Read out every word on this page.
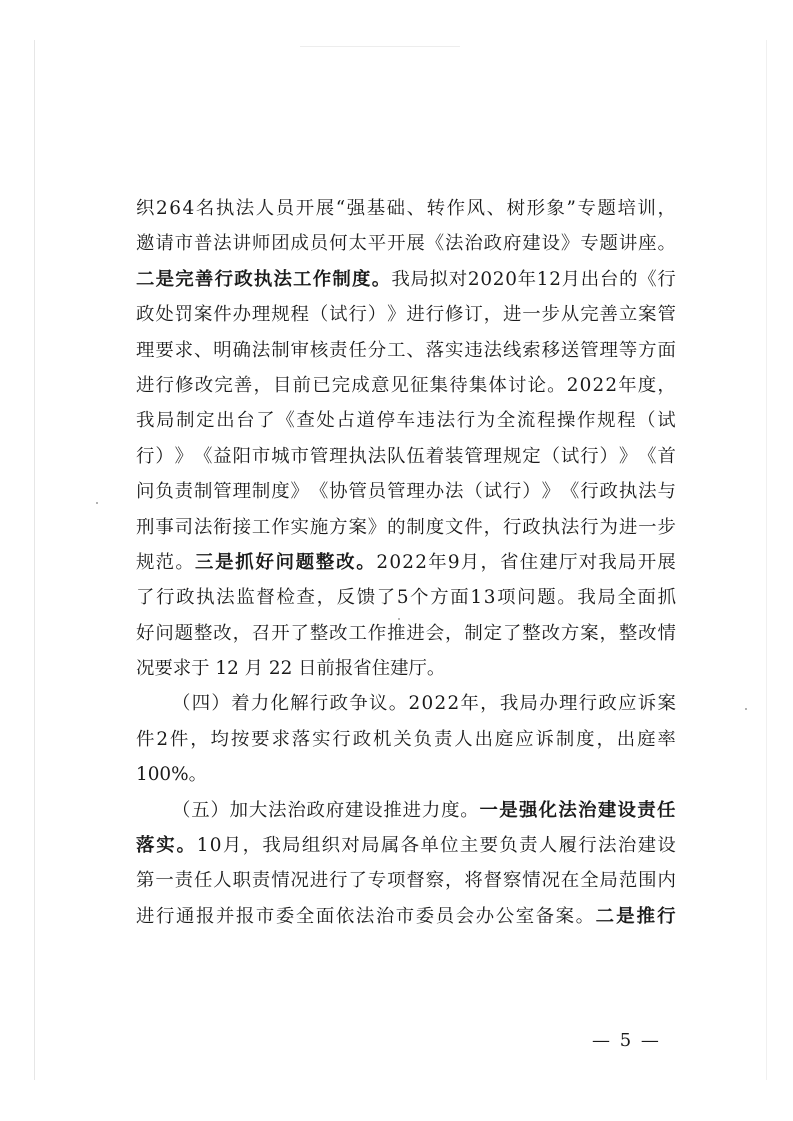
织 2 6 4 名 执 法 人 员 开 展 “ 强 基 础 、 转 作 风 、 树 形 象 ” 专 题 培 训 ，
邀 请 市 普 法 讲 师 团 成 员 何 太 平 开 展 《 法 治 政 府 建 设 》 专 题 讲 座 。
二 是 完 善 行 政 执 法 工 作 制 度 。 我 局 拟 对 2 0 2 0 年 1 2 月 出 台 的 《 行
政 处 罚 案 件 办 理 规 程 （ 试 行 ） 》 进 行 修 订 ， 进 一 步 从 完 善 立 案 管
理 要 求 、 明 确 法 制 审 核 责 任 分 工 、 落 实 违 法 线 索 移 送 管 理 等 方 面
进 行 修 改 完 善 ， 目 前 已 完 成 意 见 征 集 待 集 体 讨 论 。 2 0 2 2 年 度 ，
我 局 制 定 出 台 了 《 查 处 占 道 停 车 违 法 行 为 全 流 程 操 作 规 程 （ 试
行 ） 》 《 益 阳 市 城 市 管 理 执 法 队 伍 着 装 管 理 规 定 （ 试 行 ） 》 《 首
问 负 责 制 管 理 制 度 》 《 协 管 员 管 理 办 法 （ 试 行 ） 》 《 行 政 执 法 与
刑 事 司 法 衔 接 工 作 实 施 方 案 》 的 制 度 文 件 ， 行 政 执 法 行 为 进 一 步
规 范 。 三 是 抓 好 问 题 整 改 。 2 0 2 2 年 9 月 ， 省 住 建 厅 对 我 局 开 展
了 行 政 执 法 监 督 检 查 ， 反 馈 了 5 个 方 面 1 3 项 问 题 。 我 局 全 面 抓
好 问 题 整 改 ， 召 开 了 整 改 工 作 推 进 会 ， 制 定 了 整 改 方 案 ， 整 改 情
况要求于 12 月 22 日前报省住建厅。
（ 四 ） 着 力 化 解 行 政 争 议 。 2 0 2 2 年 ， 我 局 办 理 行 政 应 诉 案
件 2 件 ， 均 按 要 求 落 实 行 政 机 关 负 责 人 出 庭 应 诉 制 度 ， 出 庭 率
100%。
（ 五 ） 加 大 法 治 政 府 建 设 推 进 力 度 。 一 是 强 化 法 治 建 设 责 任
落 实 。 1 0 月 ， 我 局 组 织 对 局 属 各 单 位 主 要 负 责 人 履 行 法 治 建 设
第 一 责 任 人 职 责 情 况 进 行 了 专 项 督 察 ， 将 督 察 情 况 在 全 局 范 围 内
进 行 通 报 并 报 市 委 全 面 依 法 治 市 委 员 会 办 公 室 备 案 。 二 是 推 行
— 5 —
